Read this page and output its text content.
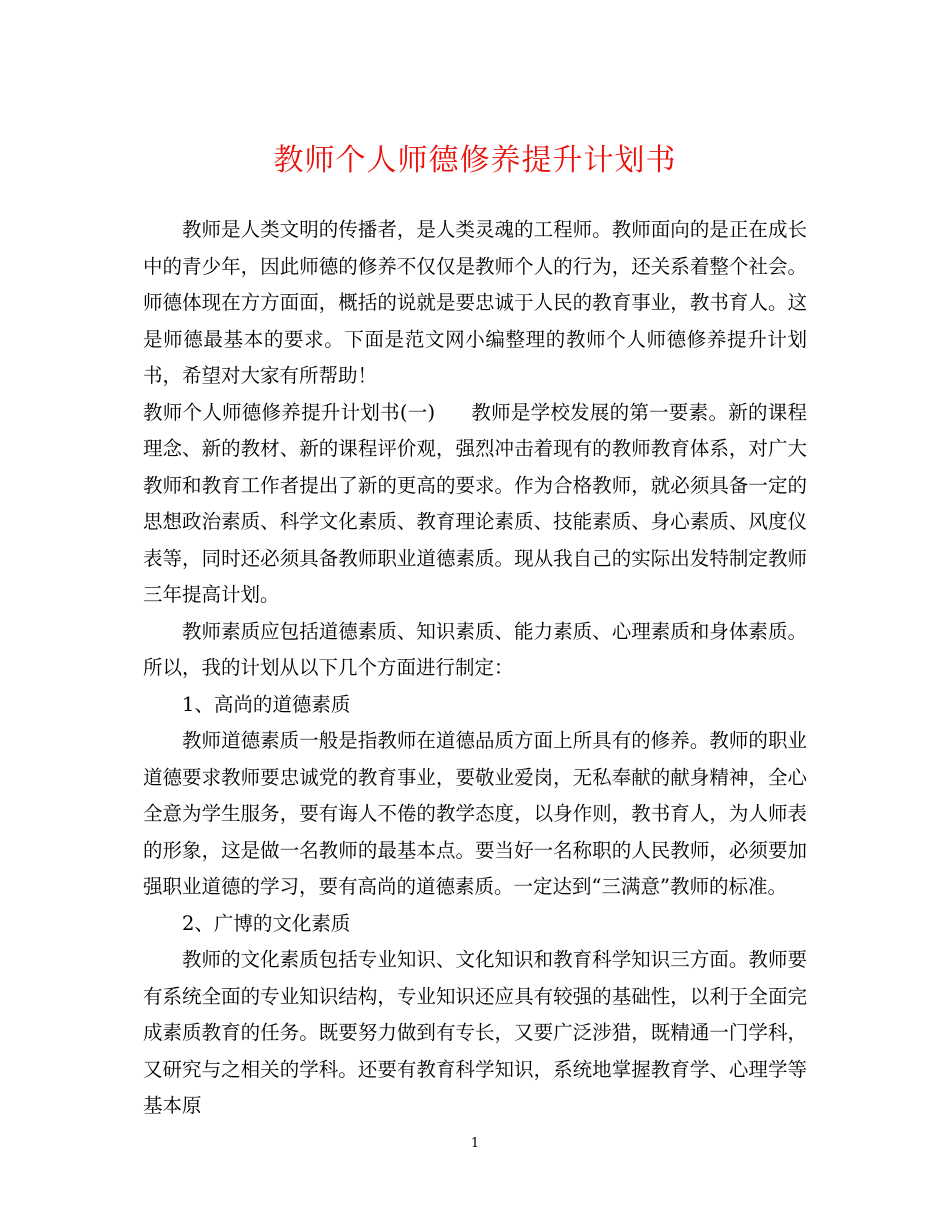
教师个人师德修养提升计划书

教师是人类文明的传播者，是人类灵魂的工程师。教师面向的是正在成长中的青少年，因此师德的修养不仅仅是教师个人的行为，还关系着整个社会。师德体现在方方面面，概括的说就是要忠诚于人民的教育事业，教书育人。这是师德最基本的要求。下面是范文网小编整理的教师个人师德修养提升计划书，希望对大家有所帮助！

教师个人师德修养提升计划书(一) 教师是学校发展的第一要素。新的课程理念、新的教材、新的课程评价观，强烈冲击着现有的教师教育体系，对广大教师和教育工作者提出了新的更高的要求。作为合格教师，就必须具备一定的思想政治素质、科学文化素质、教育理论素质、技能素质、身心素质、风度仪表等，同时还必须具备教师职业道德素质。现从我自己的实际出发特制定教师三年提高计划。

教师素质应包括道德素质、知识素质、能力素质、心理素质和身体素质。所以，我的计划从以下几个方面进行制定：

1、高尚的道德素质

教师道德素质一般是指教师在道德品质方面上所具有的修养。教师的职业道德要求教师要忠诚党的教育事业，要敬业爱岗，无私奉献的献身精神，全心全意为学生服务，要有诲人不倦的教学态度，以身作则，教书育人，为人师表的形象，这是做一名教师的最基本点。要当好一名称职的人民教师，必须要加强职业道德的学习，要有高尚的道德素质。一定达到“三满意”教师的标准。

2、广博的文化素质

教师的文化素质包括专业知识、文化知识和教育科学知识三方面。教师要有系统全面的专业知识结构，专业知识还应具有较强的基础性，以利于全面完成素质教育的任务。既要努力做到有专长，又要广泛涉猎，既精通一门学科，又研究与之相关的学科。还要有教育科学知识，系统地掌握教育学、心理学等基本原

1
